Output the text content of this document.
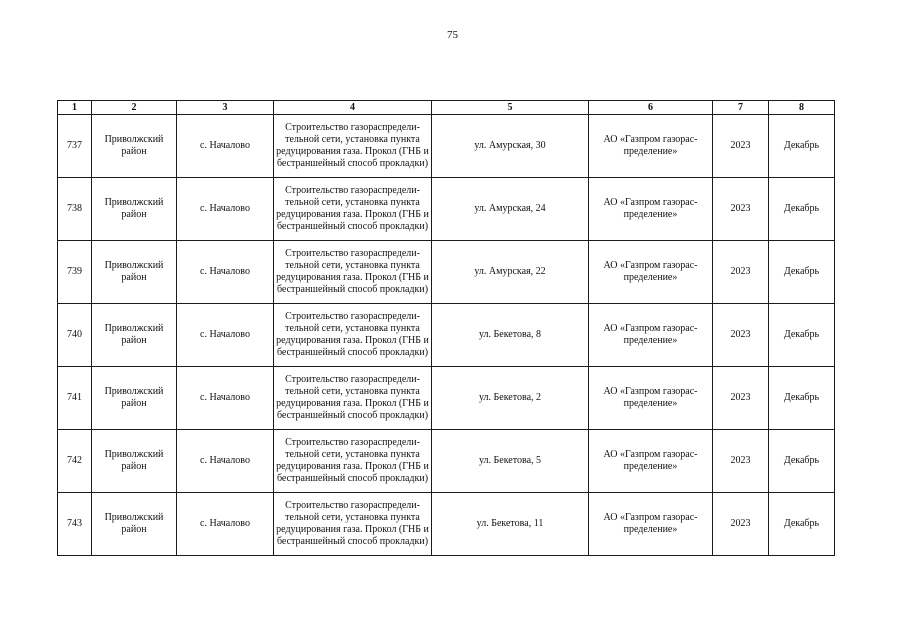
75
1	2	3	4	5	6	7	8
737	Приволжский район	с. Началово	Строительство газораспредели-тельной сети, установка пункта редуцирования газа. Прокол (ГНБ и бестраншейный способ прокладки)	ул. Амурская, 30	АО «Газпром газорас-пределение»	2023	Декабрь
738	Приволжский район	с. Началово	Строительство газораспредели-тельной сети, установка пункта редуцирования газа. Прокол (ГНБ и бестраншейный способ прокладки)	ул. Амурская, 24	АО «Газпром газорас-пределение»	2023	Декабрь
739	Приволжский район	с. Началово	Строительство газораспредели-тельной сети, установка пункта редуцирования газа. Прокол (ГНБ и бестраншейный способ прокладки)	ул. Амурская, 22	АО «Газпром газорас-пределение»	2023	Декабрь
740	Приволжский район	с. Началово	Строительство газораспредели-тельной сети, установка пункта редуцирования газа. Прокол (ГНБ и бестраншейный способ прокладки)	ул. Бекетова, 8	АО «Газпром газорас-пределение»	2023	Декабрь
741	Приволжский район	с. Началово	Строительство газораспредели-тельной сети, установка пункта редуцирования газа. Прокол (ГНБ и бестраншейный способ прокладки)	ул. Бекетова, 2	АО «Газпром газорас-пределение»	2023	Декабрь
742	Приволжский район	с. Началово	Строительство газораспредели-тельной сети, установка пункта редуцирования газа. Прокол (ГНБ и бестраншейный способ прокладки)	ул. Бекетова, 5	АО «Газпром газорас-пределение»	2023	Декабрь
743	Приволжский район	с. Началово	Строительство газораспредели-тельной сети, установка пункта редуцирования газа. Прокол (ГНБ и бестраншейный способ прокладки)	ул. Бекетова, 11	АО «Газпром газорас-пределение»	2023	Декабрь
